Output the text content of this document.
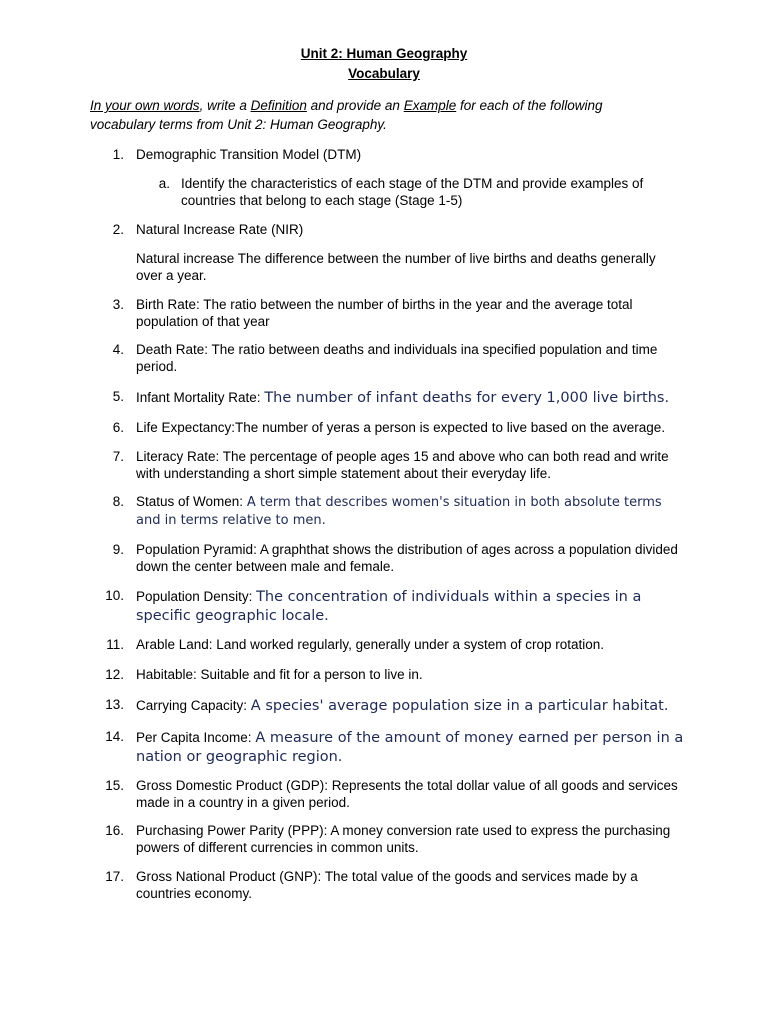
Unit 2: Human Geography
Vocabulary
In your own words, write a Definition and provide an Example for each of the following vocabulary terms from Unit 2: Human Geography.
1. Demographic Transition Model (DTM)
a. Identify the characteristics of each stage of the DTM and provide examples of countries that belong to each stage (Stage 1-5)
2. Natural Increase Rate (NIR)
Natural increase The difference between the number of live births and deaths generally over a year.
3. Birth Rate: The ratio between the number of births in the year and the average total population of that year
4. Death Rate: The ratio between deaths and individuals ina specified population and time period.
5. Infant Mortality Rate: The number of infant deaths for every 1,000 live births.
6. Life Expectancy:The number of yeras a person is expected to live based on the average.
7. Literacy Rate: The percentage of people ages 15 and above who can both read and write with understanding a short simple statement about their everyday life.
8. Status of Women: A term that describes women's situation in both absolute terms and in terms relative to men.
9. Population Pyramid: A graphthat shows the distribution of ages across a population divided down the center between male and female.
10. Population Density: The concentration of individuals within a species in a specific geographic locale.
11. Arable Land: Land worked regularly, generally under a system of crop rotation.
12. Habitable: Suitable and fit for a person to live in.
13. Carrying Capacity: A species' average population size in a particular habitat.
14. Per Capita Income: A measure of the amount of money earned per person in a nation or geographic region.
15. Gross Domestic Product (GDP): Represents the total dollar value of all goods and services made in a country in a given period.
16. Purchasing Power Parity (PPP): A money conversion rate used to express the purchasing powers of different currencies in common units.
17. Gross National Product (GNP): The total value of the goods and services made by a countries economy.
